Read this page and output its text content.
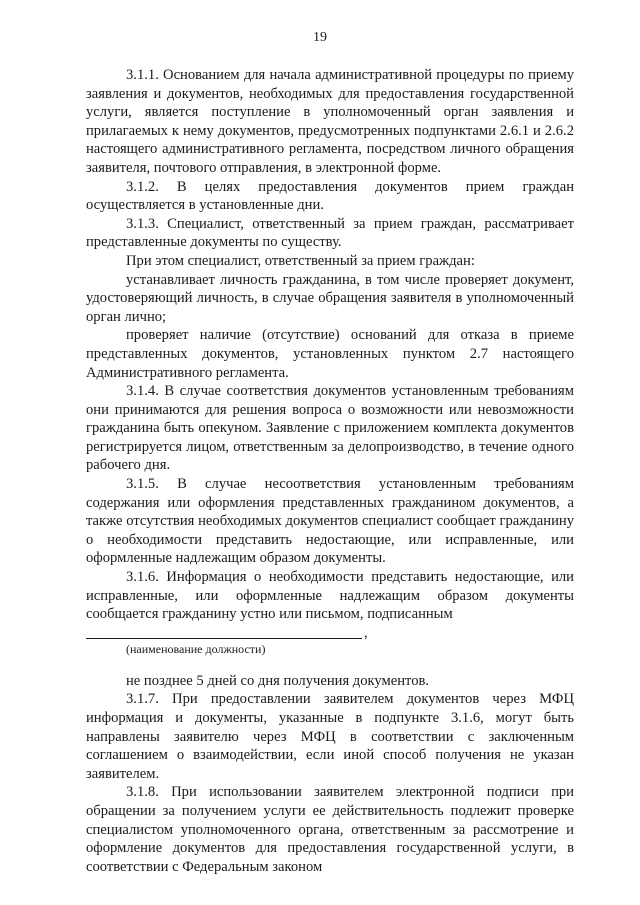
19

3.1.1. Основанием для начала административной процедуры по приему заявления и документов, необходимых для предоставления государственной услуги, является поступление в уполномоченный орган заявления и прилагаемых к нему документов, предусмотренных подпунктами 2.6.1 и 2.6.2 настоящего административного регламента, посредством личного обращения заявителя, почтового отправления, в электронной форме.

3.1.2. В целях предоставления документов прием граждан осуществляется в установленные дни.

3.1.3. Специалист, ответственный за прием граждан, рассматривает представленные документы по существу.

При этом специалист, ответственный за прием граждан:

устанавливает личность гражданина, в том числе проверяет документ, удостоверяющий личность, в случае обращения заявителя в уполномоченный орган лично;

проверяет наличие (отсутствие) оснований для отказа в приеме представленных документов, установленных пунктом 2.7 настоящего Административного регламента.

3.1.4. В случае соответствия документов установленным требованиям они принимаются для решения вопроса о возможности или невозможности гражданина быть опекуном. Заявление с приложением комплекта документов регистрируется лицом, ответственным за делопроизводство, в течение одного рабочего дня.

3.1.5. В случае несоответствия установленным требованиям содержания или оформления представленных гражданином документов, а также отсутствия необходимых документов специалист сообщает гражданину о необходимости представить недостающие, или исправленные, или оформленные надлежащим образом документы.

3.1.6. Информация о необходимости представить недостающие, или исправленные, или оформленные надлежащим образом документы сообщается гражданину устно или письмом, подписанным

,
(наименование должности)

не позднее 5 дней со дня получения документов.

3.1.7. При предоставлении заявителем документов через МФЦ информация и документы, указанные в подпункте 3.1.6, могут быть направлены заявителю через МФЦ в соответствии с заключенным соглашением о взаимодействии, если иной способ получения не указан заявителем.

3.1.8. При использовании заявителем электронной подписи при обращении за получением услуги ее действительность подлежит проверке специалистом уполномоченного органа, ответственным за рассмотрение и оформление документов для предоставления государственной услуги, в соответствии с Федеральным законом
